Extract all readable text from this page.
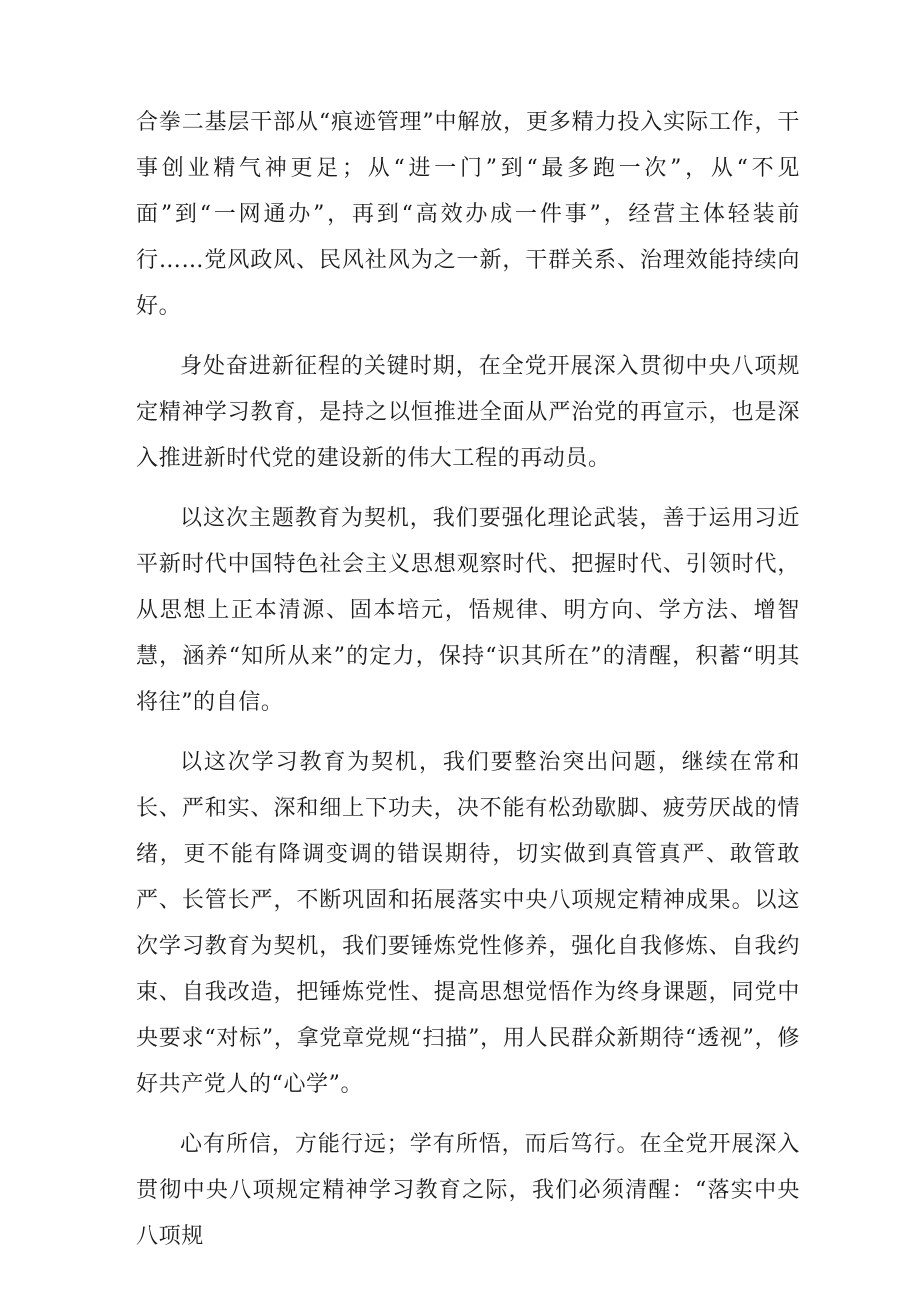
合拳二基层干部从“痕迹管理”中解放，更多精力投入实际工作，干事创业精气神更足；从“进一门”到“最多跑一次”，从“不见面”到“一网通办”，再到“高效办成一件事”，经营主体轻装前行……党风政风、民风社风为之一新，干群关系、治理效能持续向好。

身处奋进新征程的关键时期，在全党开展深入贯彻中央八项规定精神学习教育，是持之以恒推进全面从严治党的再宣示，也是深入推进新时代党的建设新的伟大工程的再动员。

以这次主题教育为契机，我们要强化理论武装，善于运用习近平新时代中国特色社会主义思想观察时代、把握时代、引领时代，从思想上正本清源、固本培元，悟规律、明方向、学方法、增智慧，涵养“知所从来”的定力，保持“识其所在”的清醒，积蓄“明其将往”的自信。

以这次学习教育为契机，我们要整治突出问题，继续在常和长、严和实、深和细上下功夫，决不能有松劲歇脚、疲劳厌战的情绪，更不能有降调变调的错误期待，切实做到真管真严、敢管敢严、长管长严，不断巩固和拓展落实中央八项规定精神成果。以这次学习教育为契机，我们要锤炼党性修养，强化自我修炼、自我约束、自我改造，把锤炼党性、提高思想觉悟作为终身课题，同党中央要求“对标”，拿党章党规“扫描”，用人民群众新期待“透视”，修好共产党人的“心学”。

心有所信，方能行远；学有所悟，而后笃行。在全党开展深入贯彻中央八项规定精神学习教育之际，我们必须清醒：“落实中央八项规
